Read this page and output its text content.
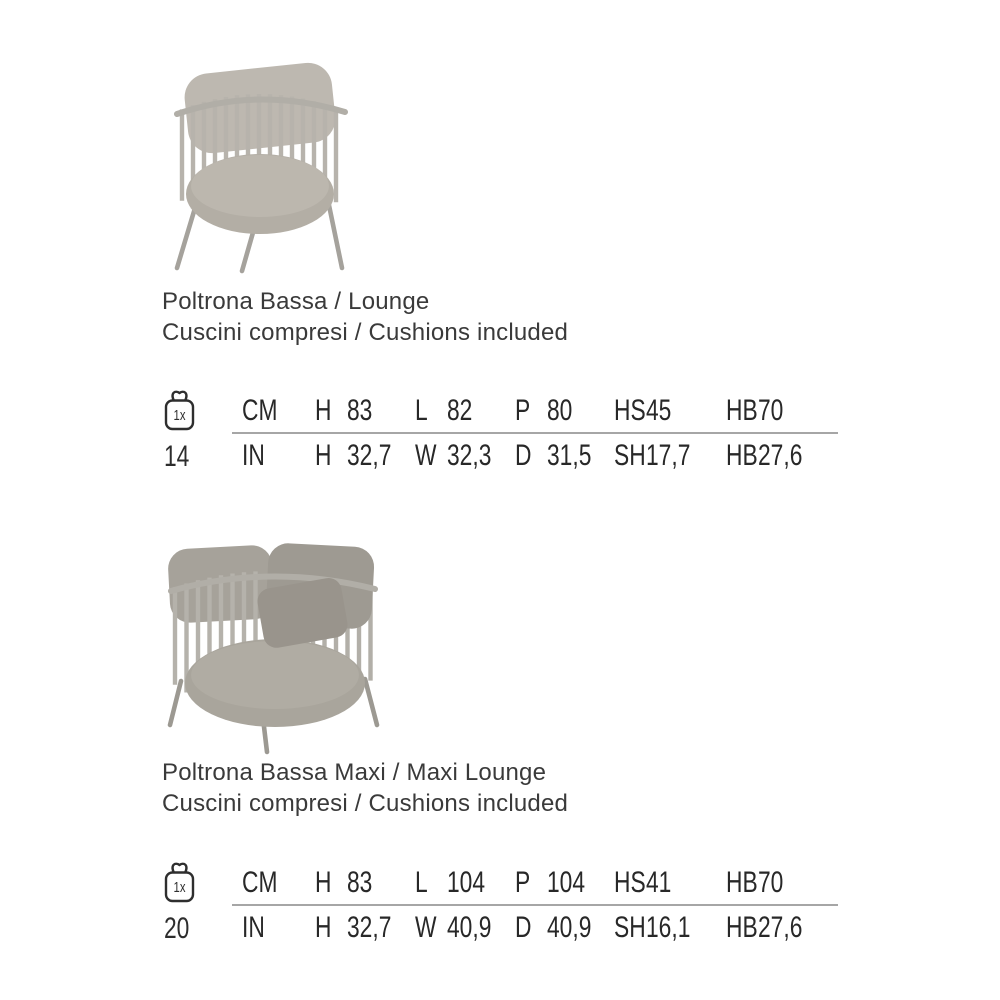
Poltrona Bassa / Lounge
Cuscini compresi / Cushions included
1x
14
CM	H 83 L 82 P 80 HS 45 HB 70
IN	H 32,7 W 32,3 D 31,5 SH 17,7	HB 27,6
Poltrona Bassa Maxi / Maxi Lounge
Cuscini compresi / Cushions included
1x
20
CM	H 83 L 104 P 104 HS 41 HB 70
IN	H 32,7 W 40,9 D 40,9 SH 16,1	HB 27,6
